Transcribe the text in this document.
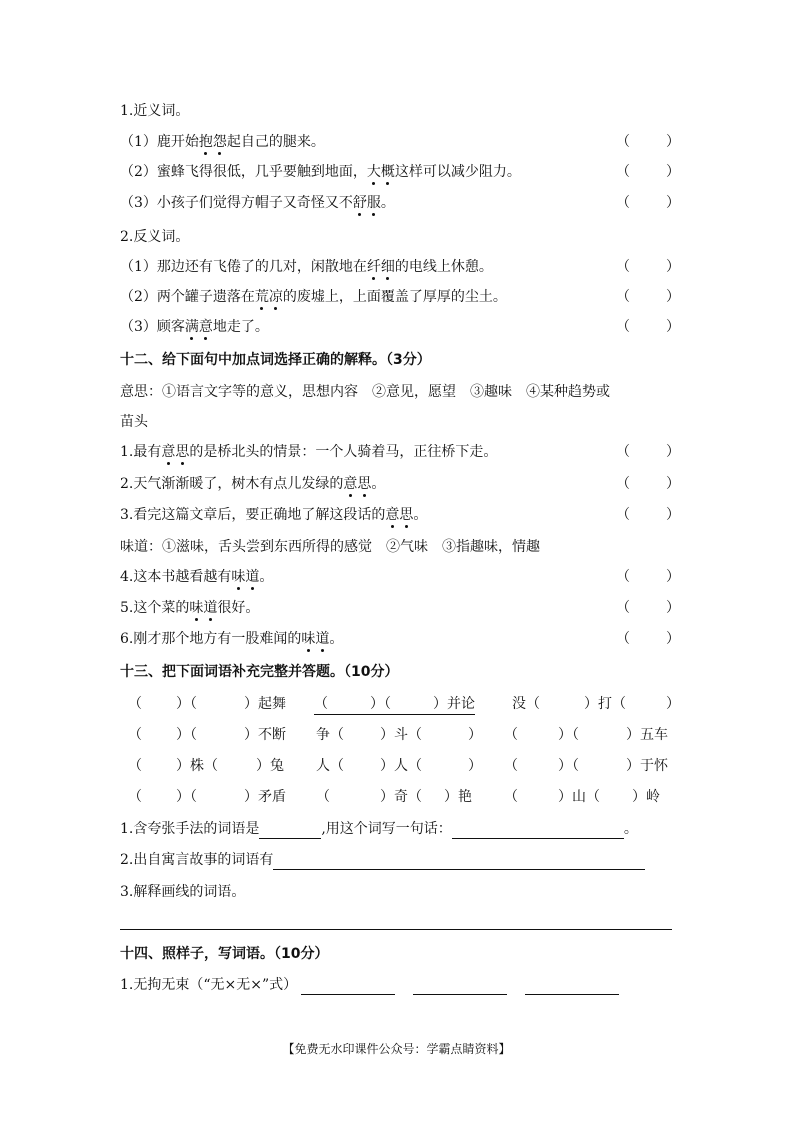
1.近义词。
（1）鹿开始抱怨起自己的腿来。	（	）
（2）蜜蜂飞得很低，几乎要触到地面，大概这样可以减少阻力。	（	）
（3）小孩子们觉得方帽子又奇怪又不舒服。	（	）
2.反义词。
（1）那边还有飞倦了的几对，闲散地在纤细的电线上休憩。	（	）
（2）两个罐子遗落在荒凉的废墟上，上面覆盖了厚厚的尘土。	（	）
（3）顾客满意地走了。	（	）
十二、给下面句中加点词选择正确的解释。（3分）
意思：①语言文字等的意义，思想内容　②意见，愿望　③趣味　④某种趋势或
苗头
1.最有意思的是桥北头的情景：一个人骑着马，正往桥下走。	（	）
2.天气渐渐暖了，树木有点儿发绿的意思。	（	）
3.看完这篇文章后，要正确地了解这段话的意思。	（	）
味道：①滋味，舌头尝到东西所得的感觉　②气味　③指趣味，情趣
4.这本书越看越有味道。	（	）
5.这个菜的味道很好。	（	）
6.刚才那个地方有一股难闻的味道。	（	）
十三、把下面词语补充完整并答题。（10分）
（ ）（	）起舞 （　　　）（　　　）并论	没（	）打（	）
（ ）（	）不断 争（	）斗（	） （	）（	）五车
（ ）株（	）兔 人（	）人（	） （	）（	）于怀
（ ）（	）矛盾 （	）奇（ ）艳 （	）山（ ）岭
1.含夸张手法的词语是	,用这个词写一句话：	。
2.出自寓言故事的词语有
3.解释画线的词语。
十四、照样子，写词语。（10分）
1.无拘无束（“无×无×”式）
【免费无水印课件公众号：学霸点睛资料】
